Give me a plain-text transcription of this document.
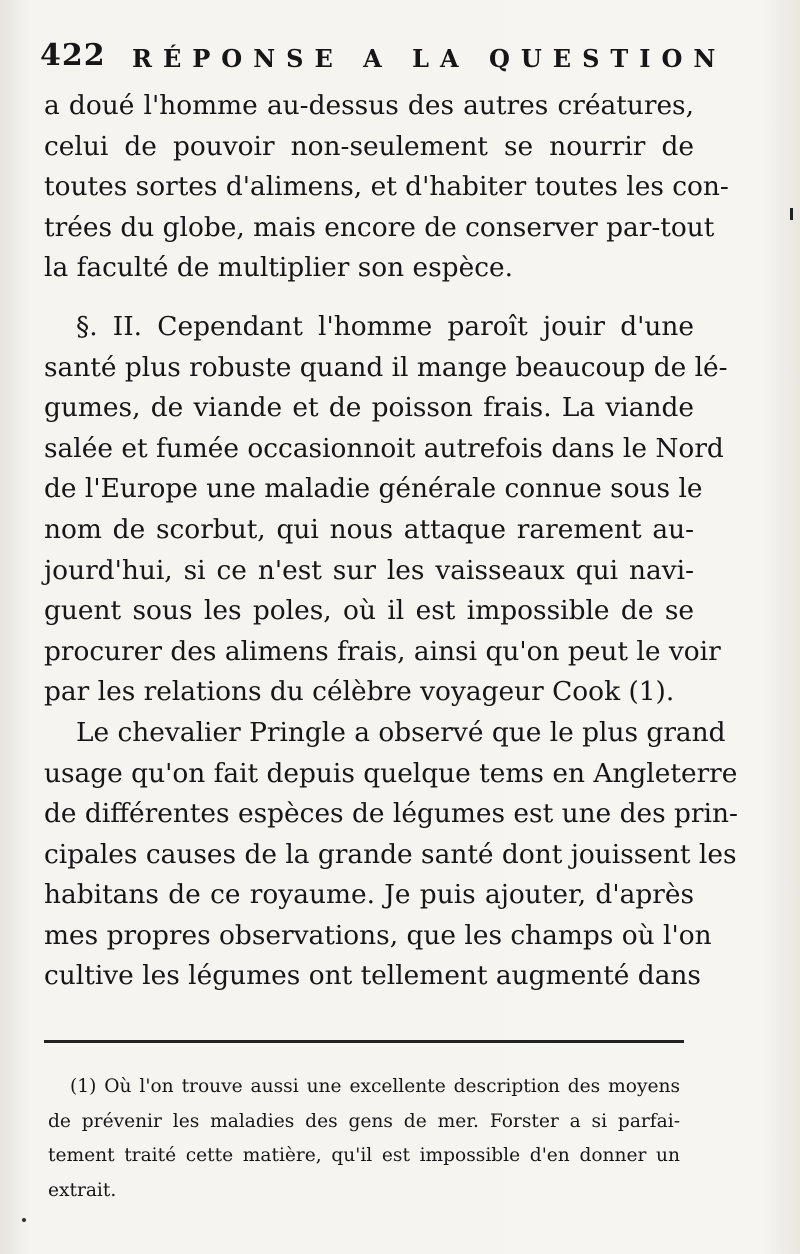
422 RÉPONSE A LA QUESTION
a doué l'homme au-dessus des autres créatures,
celui de pouvoir non-seulement se nourrir de
toutes sortes d'alimens, et d'habiter toutes les con-
trées du globe, mais encore de conserver par-tout
la faculté de multiplier son espèce.
§. II. Cependant l'homme paroît jouir d'une
santé plus robuste quand il mange beaucoup de lé-
gumes, de viande et de poisson frais. La viande
salée et fumée occasionnoit autrefois dans le Nord
de l'Europe une maladie générale connue sous le
nom de scorbut, qui nous attaque rarement au-
jourd'hui, si ce n'est sur les vaisseaux qui navi-
guent sous les poles, où il est impossible de se
procurer des alimens frais, ainsi qu'on peut le voir
par les relations du célèbre voyageur Cook (1).
Le chevalier Pringle a observé que le plus grand
usage qu'on fait depuis quelque tems en Angleterre
de différentes espèces de légumes est une des prin-
cipales causes de la grande santé dont jouissent les
habitans de ce royaume. Je puis ajouter, d'après
mes propres observations, que les champs où l'on
cultive les légumes ont tellement augmenté dans
(1) Où l'on trouve aussi une excellente description des moyens
de prévenir les maladies des gens de mer. Forster a si parfai-
tement traité cette matière, qu'il est impossible d'en donner un
extrait.
